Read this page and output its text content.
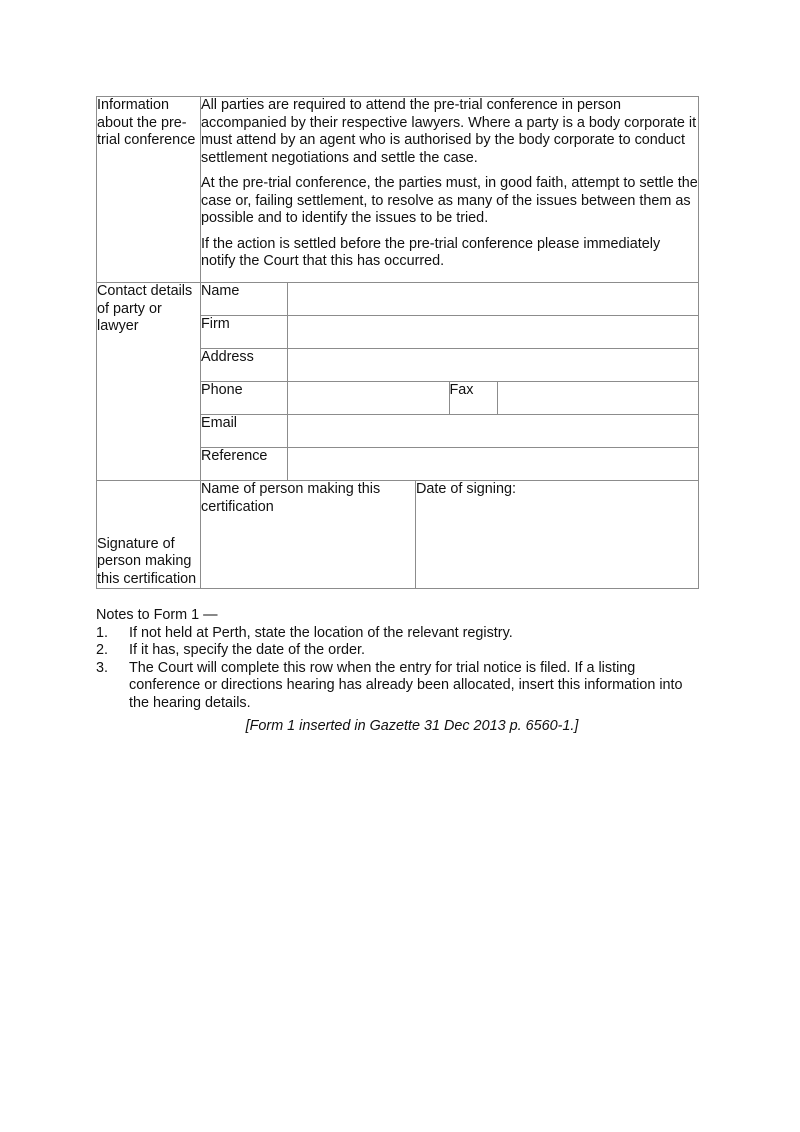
Information about the pre-trial conference	

All parties are required to attend the pre-trial conference in person accompanied by their respective lawyers. Where a party is a body corporate it must attend by an agent who is authorised by the body corporate to conduct settlement negotiations and settle the case.

At the pre-trial conference, the parties must, in good faith, attempt to settle the case or, failing settlement, to resolve as many of the issues between them as possible and to identify the issues to be tried.

If the action is settled before the pre-trial conference please immediately notify the Court that this has occurred.

Contact details of party or lawyer	
Name	
Firm	
Address	
Phone		Fax	
Email	
Reference	

Signature of person making this certification	Name of person making this certification	Date of signing:

Notes to Form 1 —

1. If not held at Perth, state the location of the relevant registry.
2. If it has, specify the date of the order.
3. The Court will complete this row when the entry for trial notice is filed. If a listing conference or directions hearing has already been allocated, insert this information into the hearing details.

[Form 1 inserted in Gazette 31 Dec 2013 p. 6560-1.]
